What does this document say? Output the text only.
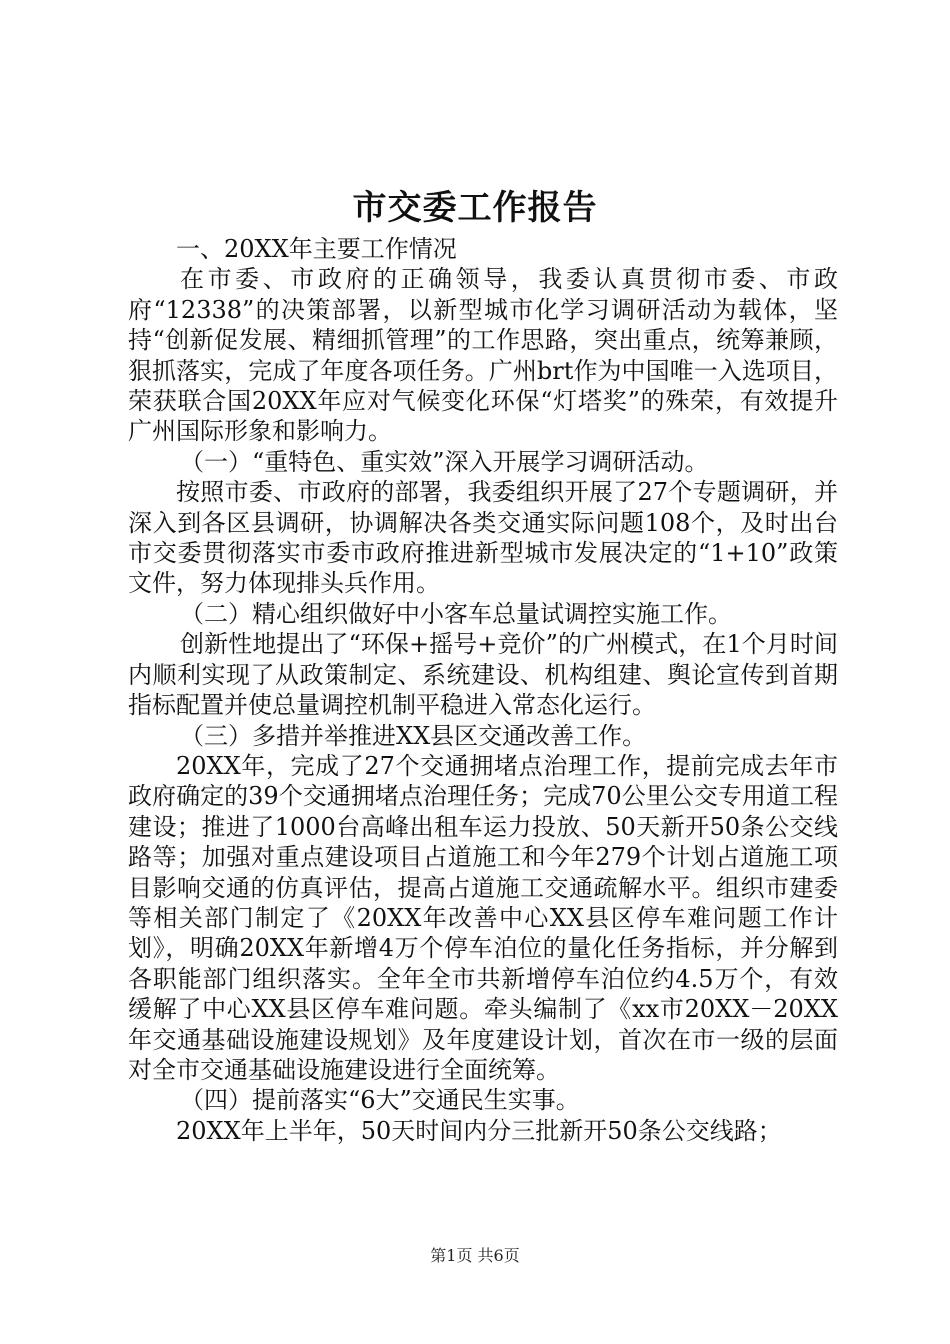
市交委工作报告

一、20XX年主要工作情况

在市委、市政府的正确领导，我委认真贯彻市委、市政府“12338”的决策部署，以新型城市化学习调研活动为载体，坚持“创新促发展、精细抓管理”的工作思路，突出重点，统筹兼顾，狠抓落实，完成了年度各项任务。广州brt作为中国唯一入选项目，荣获联合国20XX年应对气候变化环保“灯塔奖”的殊荣，有效提升广州国际形象和影响力。

（一）“重特色、重实效”深入开展学习调研活动。

按照市委、市政府的部署，我委组织开展了27个专题调研，并深入到各区县调研，协调解决各类交通实际问题108个，及时出台市交委贯彻落实市委市政府推进新型城市发展决定的“1+10”政策文件，努力体现排头兵作用。

（二）精心组织做好中小客车总量试调控实施工作。

创新性地提出了“环保+摇号+竞价”的广州模式，在1个月时间内顺利实现了从政策制定、系统建设、机构组建、舆论宣传到首期指标配置并使总量调控机制平稳进入常态化运行。

（三）多措并举推进XX县区交通改善工作。

20XX年，完成了27个交通拥堵点治理工作，提前完成去年市政府确定的39个交通拥堵点治理任务；完成70公里公交专用道工程建设；推进了1000台高峰出租车运力投放、50天新开50条公交线路等；加强对重点建设项目占道施工和今年279个计划占道施工项目影响交通的仿真评估，提高占道施工交通疏解水平。组织市建委等相关部门制定了《20XX年改善中心XX县区停车难问题工作计划》，明确20XX年新增4万个停车泊位的量化任务指标，并分解到各职能部门组织落实。全年全市共新增停车泊位约4.5万个，有效缓解了中心XX县区停车难问题。牵头编制了《xx市20XX－20XX年交通基础设施建设规划》及年度建设计划，首次在市一级的层面对全市交通基础设施建设进行全面统筹。

（四）提前落实“6大”交通民生实事。

20XX年上半年，50天时间内分三批新开50条公交线路；

第1页 共6页
